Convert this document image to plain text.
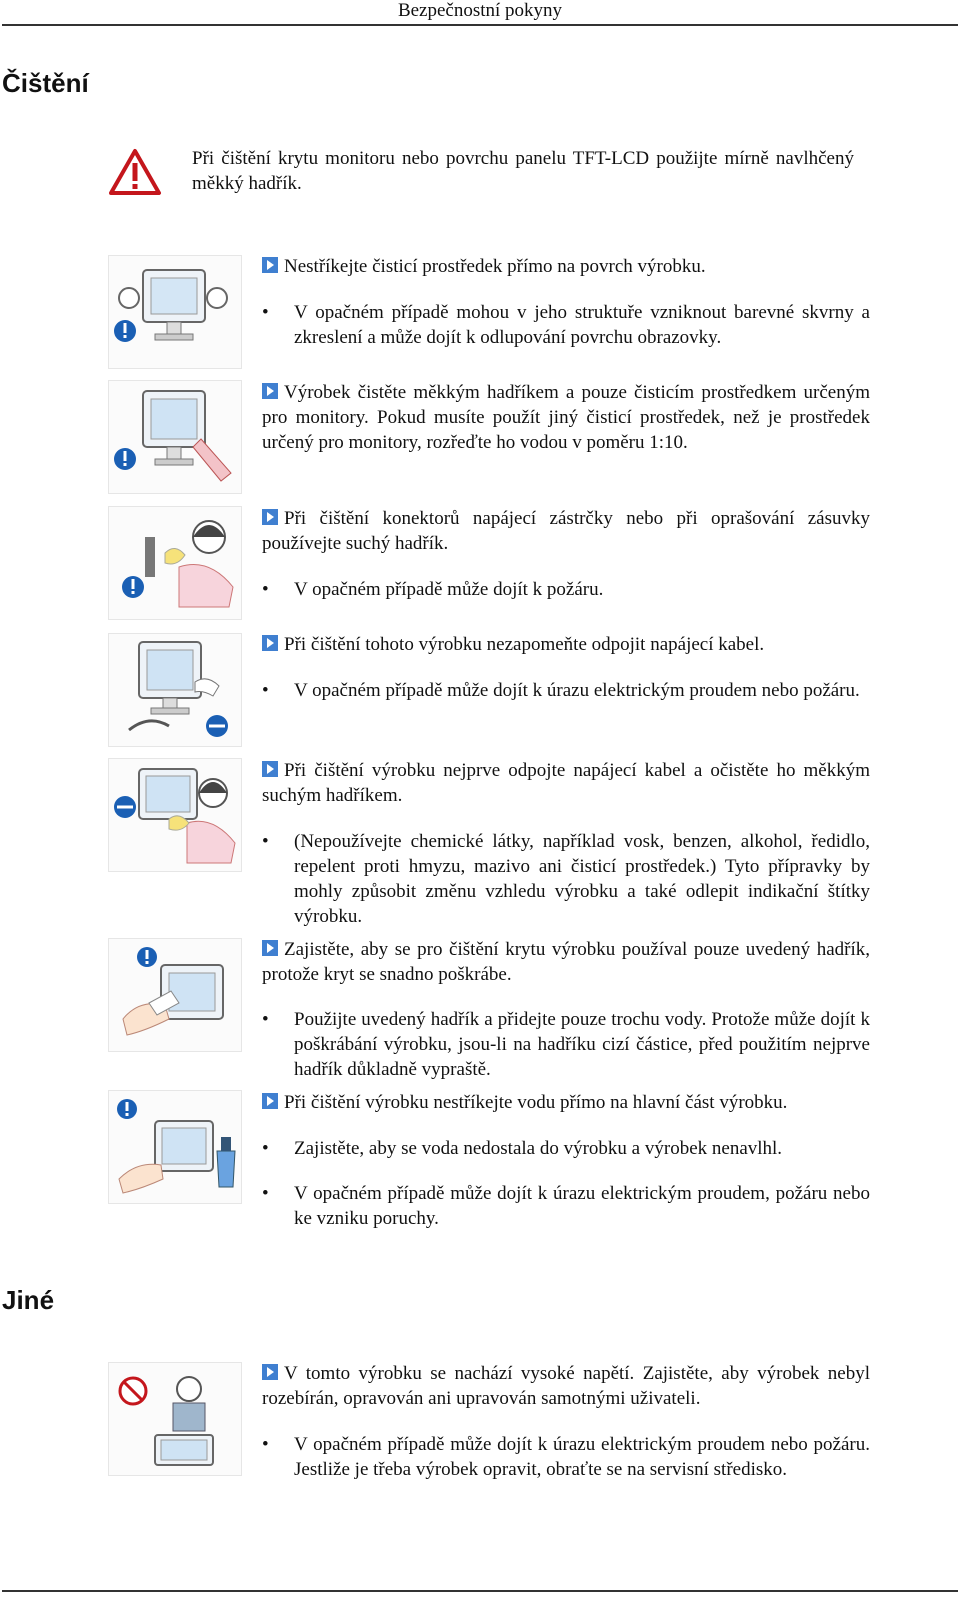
Bezpečnostní pokyny
Čištění
Při čištění krytu monitoru nebo povrchu panelu TFT-LCD použijte mírně navlhčený měkký hadřík.
Nestříkejte čisticí prostředek přímo na povrch výrobku.
• V opačném případě mohou v jeho struktuře vzniknout barevné skvrny a zkreslení a může dojít k odlupování povrchu obrazovky.
Výrobek čistěte měkkým hadříkem a pouze čisticím prostředkem určeným pro monitory. Pokud musíte použít jiný čisticí prostředek, než je prostředek určený pro monitory, rozřeďte ho vodou v poměru 1:10.
Při čištění konektorů napájecí zástrčky nebo při oprašování zásuvky používejte suchý hadřík.
• V opačném případě může dojít k požáru.
Při čištění tohoto výrobku nezapomeňte odpojit napájecí kabel.
• V opačném případě může dojít k úrazu elektrickým proudem nebo požáru.
Při čištění výrobku nejprve odpojte napájecí kabel a očistěte ho měkkým suchým hadříkem.
• (Nepoužívejte chemické látky, například vosk, benzen, alkohol, ředidlo, repelent proti hmyzu, mazivo ani čisticí prostředek.) Tyto přípravky by mohly způsobit změnu vzhledu výrobku a také odlepit indikační štítky výrobku.
Zajistěte, aby se pro čištění krytu výrobku používal pouze uvedený hadřík, protože kryt se snadno poškrábe.
• Použijte uvedený hadřík a přidejte pouze trochu vody. Protože může dojít k poškrábání výrobku, jsou-li na hadříku cizí částice, před použitím nejprve hadřík důkladně vypraště.
Při čištění výrobku nestříkejte vodu přímo na hlavní část výrobku.
• Zajistěte, aby se voda nedostala do výrobku a výrobek nenavlhl.
• V opačném případě může dojít k úrazu elektrickým proudem, požáru nebo ke vzniku poruchy.
Jiné
V tomto výrobku se nachází vysoké napětí. Zajistěte, aby výrobek nebyl rozebírán, opravován ani upravován samotnými uživateli.
• V opačném případě může dojít k úrazu elektrickým proudem nebo požáru. Jestliže je třeba výrobek opravit, obraťte se na servisní středisko.
